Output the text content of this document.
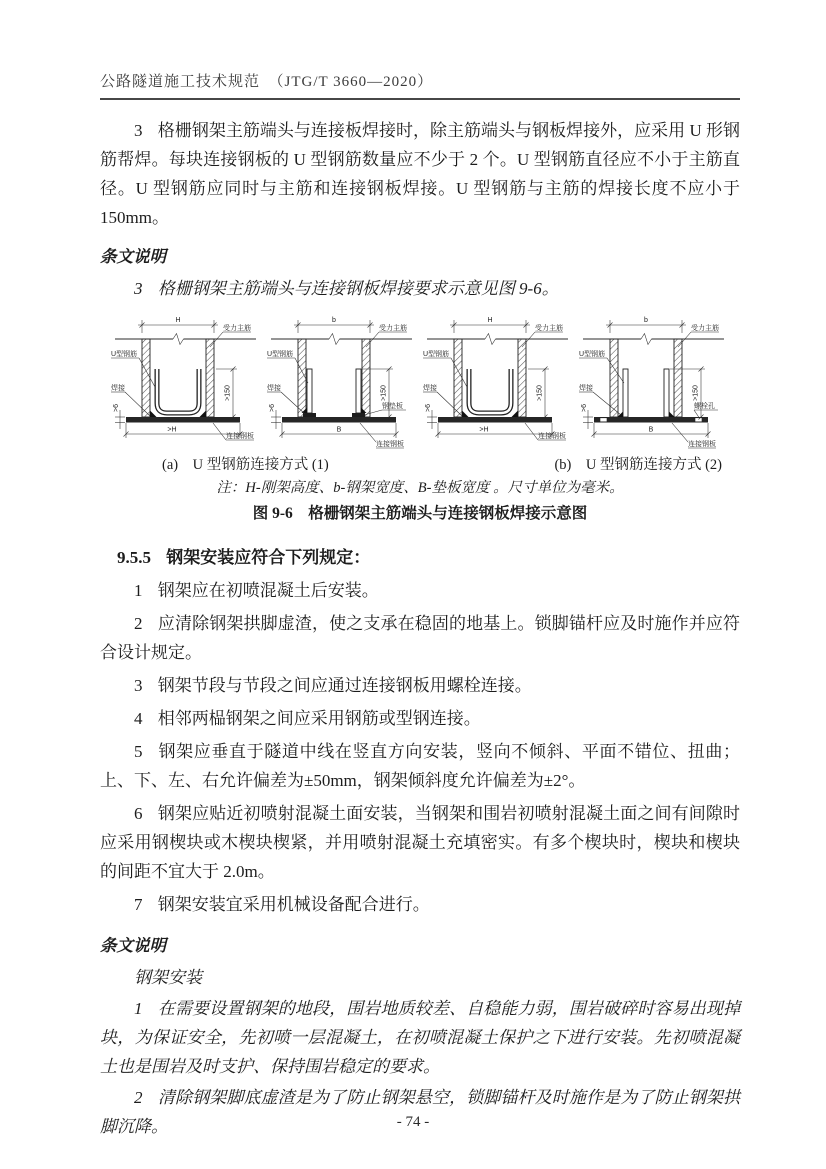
公路隧道施工技术规范　（JTG/T 3660—2020）

3 格栅钢架主筋端头与连接板焊接时，除主筋端头与钢板焊接外，应采用 U 形钢筋帮焊。每块连接钢板的 U 型钢筋数量应不少于 2 个。U 型钢筋直径应不小于主筋直径。U 型钢筋应同时与主筋和连接钢板焊接。U 型钢筋与主筋的焊接长度不应小于 150mm。

条文说明

3 格栅钢架主筋端头与连接钢板焊接要求示意见图 9-6。

H
>150
>6
>H
U型钢筋
受力主筋
焊接
连接钢板
b
>150
>6
B
U型钢筋
受力主筋
焊接
钢垫板
连接钢板
H
>150
>6
>H
U型钢筋
受力主筋
焊接
连接钢板
b
>150
>6
B
U型钢筋
受力主筋
焊接
螺栓孔
连接钢板
(a)　U 型钢筋连接方式 (1)	(b)　U 型钢筋连接方式 (2)
注：H-刚架高度、b-钢架宽度、B-垫板宽度 。尺寸单位为毫米。
图 9-6　格栅钢架主筋端头与连接钢板焊接示意图

9.5.5 钢架安装应符合下列规定：

1 钢架应在初喷混凝土后安装。

2 应清除钢架拱脚虚渣，使之支承在稳固的地基上。锁脚锚杆应及时施作并应符合设计规定。

3 钢架节段与节段之间应通过连接钢板用螺栓连接。

4 相邻两榀钢架之间应采用钢筋或型钢连接。

5 钢架应垂直于隧道中线在竖直方向安装，竖向不倾斜、平面不错位、扭曲；上、下、左、右允许偏差为±50mm，钢架倾斜度允许偏差为±2°。

6 钢架应贴近初喷射混凝土面安装，当钢架和围岩初喷射混凝土面之间有间隙时应采用钢楔块或木楔块楔紧，并用喷射混凝土充填密实。有多个楔块时，楔块和楔块的间距不宜大于 2.0m。

7 钢架安装宜采用机械设备配合进行。

条文说明

钢架安装

1 在需要设置钢架的地段，围岩地质较差、自稳能力弱，围岩破碎时容易出现掉块，为保证安全，先初喷一层混凝土，在初喷混凝土保护之下进行安装。先初喷混凝土也是围岩及时支护、保持围岩稳定的要求。

2 清除钢架脚底虚渣是为了防止钢架悬空，锁脚锚杆及时施作是为了防止钢架拱脚沉降。	- 74 -
